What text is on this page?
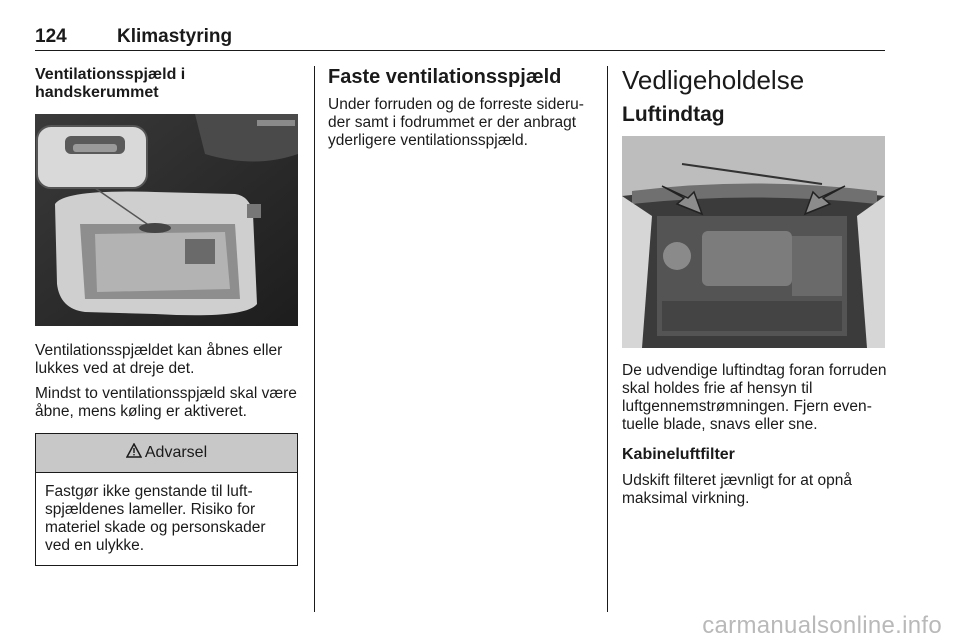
124	Klimastyring
Ventilationsspjæld i handskerummet

Ventilationsspjældet kan åbnes eller lukkes ved at dreje det.

Mindst to ventilationsspjæld skal være åbne, mens køling er aktiveret.

Advarsel

Fastgør ikke genstande til luftspjældenes lameller. Risiko for materiel skade og personskader ved en ulykke.

Faste ventilationsspjæld

Under forruden og de forreste sideruder samt i fodrummet er der anbragt yderligere ventilationsspjæld.

Vedligeholdelse
Luftindtag

De udvendige luftindtag foran forruden skal holdes frie af hensyn til luftgennemstrømningen. Fjern eventuelle blade, snavs eller sne.

Kabineluftfilter

Udskift filteret jævnligt for at opnå maksimal virkning.

carmanualsonline.info
